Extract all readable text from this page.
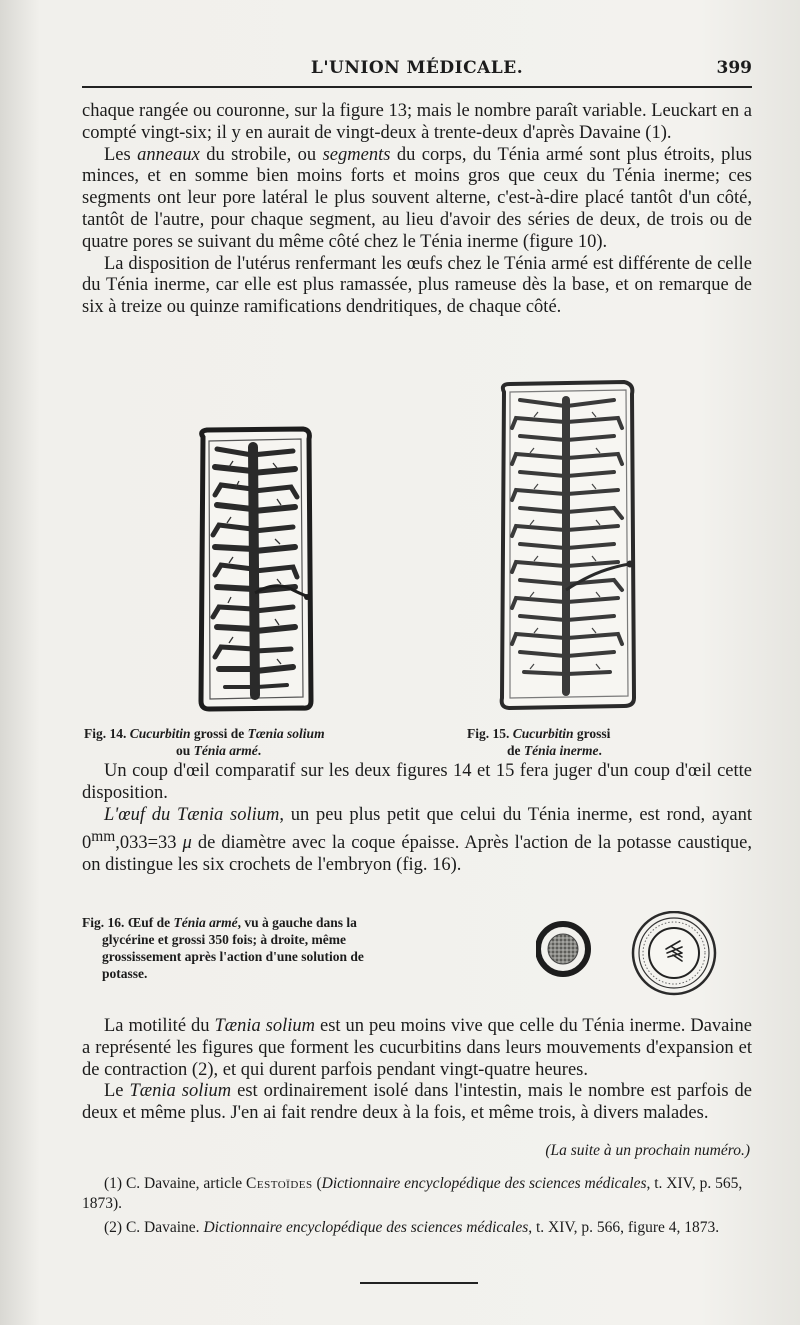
L'UNION MÉDICALE.	399

chaque rangée ou couronne, sur la figure 13; mais le nombre paraît variable. Leuckart en a compté vingt-six; il y en aurait de vingt-deux à trente-deux d'après Davaine (1).

Les anneaux du strobile, ou segments du corps, du Ténia armé sont plus étroits, plus minces, et en somme bien moins forts et moins gros que ceux du Ténia inerme; ces segments ont leur pore latéral le plus souvent alterne, c'est-à-dire placé tantôt d'un côté, tantôt de l'autre, pour chaque segment, au lieu d'avoir des séries de deux, de trois ou de quatre pores se suivant du même côté chez le Ténia inerme (figure 10).

La disposition de l'utérus renfermant les œufs chez le Ténia armé est différente de celle du Ténia inerme, car elle est plus ramassée, plus rameuse dès la base, et on remarque de six à treize ou quinze ramifications dendritiques, de chaque côté.

Fig. 14. Cucurbitin grossi de Tænia solium
ou Ténia armé.
Fig. 15. Cucurbitin grossi
de Ténia inerme.

Un coup d'œil comparatif sur les deux figures 14 et 15 fera juger d'un coup d'œil cette disposition.

L'œuf du Tænia solium, un peu plus petit que celui du Ténia inerme, est rond, ayant $0^{mm},033=33$ μ de diamètre avec la coque épaisse. Après l'action de la potasse caustique, on distingue les six crochets de l'embryon (fig. 16).

Fig. 16. Œuf de Ténia armé, vu à gauche dans la
glycérine et grossi 350 fois; à droite, même
grossissement après l'action d'une solution de
potasse.

La motilité du Tænia solium est un peu moins vive que celle du Ténia inerme. Davaine a représenté les figures que forment les cucurbitins dans leurs mouvements d'expansion et de contraction (2), et qui durent parfois pendant vingt-quatre heures.

Le Tænia solium est ordinairement isolé dans l'intestin, mais le nombre est parfois de deux et même plus. J'en ai fait rendre deux à la fois, et même trois, à divers malades.

(La suite à un prochain numéro.)

(1) C. Davaine, article Cestoïdes (Dictionnaire encyclopédique des sciences médicales, t. XIV, p. 565, 1873).

(2) C. Davaine. Dictionnaire encyclopédique des sciences médicales, t. XIV, p. 566, figure 4, 1873.
